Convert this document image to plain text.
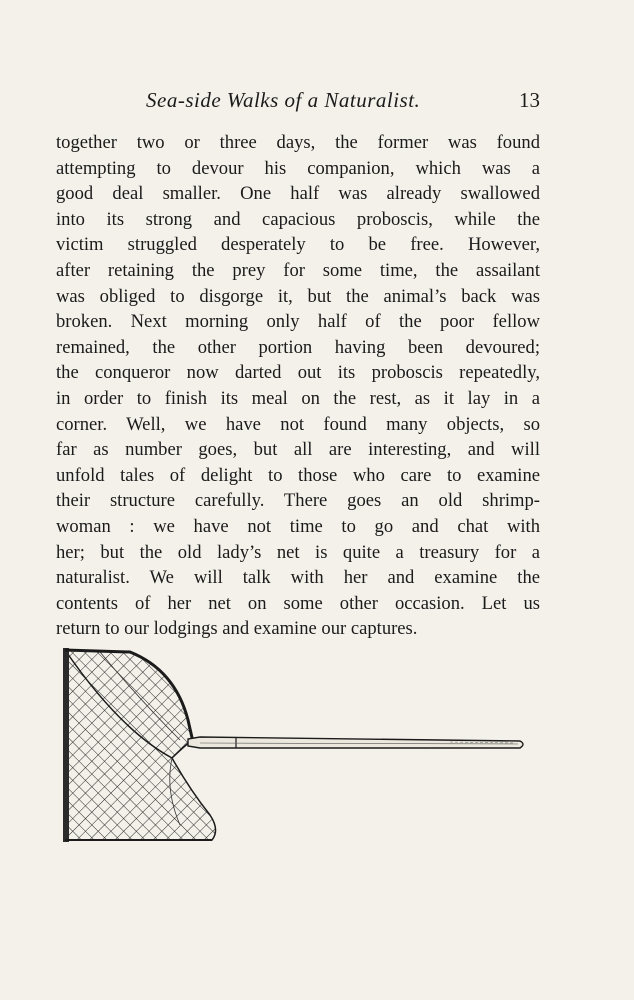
Sea-side Walks of a Naturalist.	13

together two or three days, the former was found
attempting to devour his companion, which was a
good deal smaller. One half was already swallowed
into its strong and capacious proboscis, while the
victim struggled desperately to be free. However,
after retaining the prey for some time, the assailant
was obliged to disgorge it, but the animal’s back was
broken. Next morning only half of the poor fellow
remained, the other portion having been devoured;
the conqueror now darted out its proboscis repeatedly,
in order to finish its meal on the rest, as it lay in a
corner. Well, we have not found many objects, so
far as number goes, but all are interesting, and will
unfold tales of delight to those who care to examine
their structure carefully. There goes an old shrimp-
woman : we have not time to go and chat with
her; but the old lady’s net is quite a treasury for a
naturalist. We will talk with her and examine the
contents of her net on some other occasion. Let us
return to our lodgings and examine our captures.
